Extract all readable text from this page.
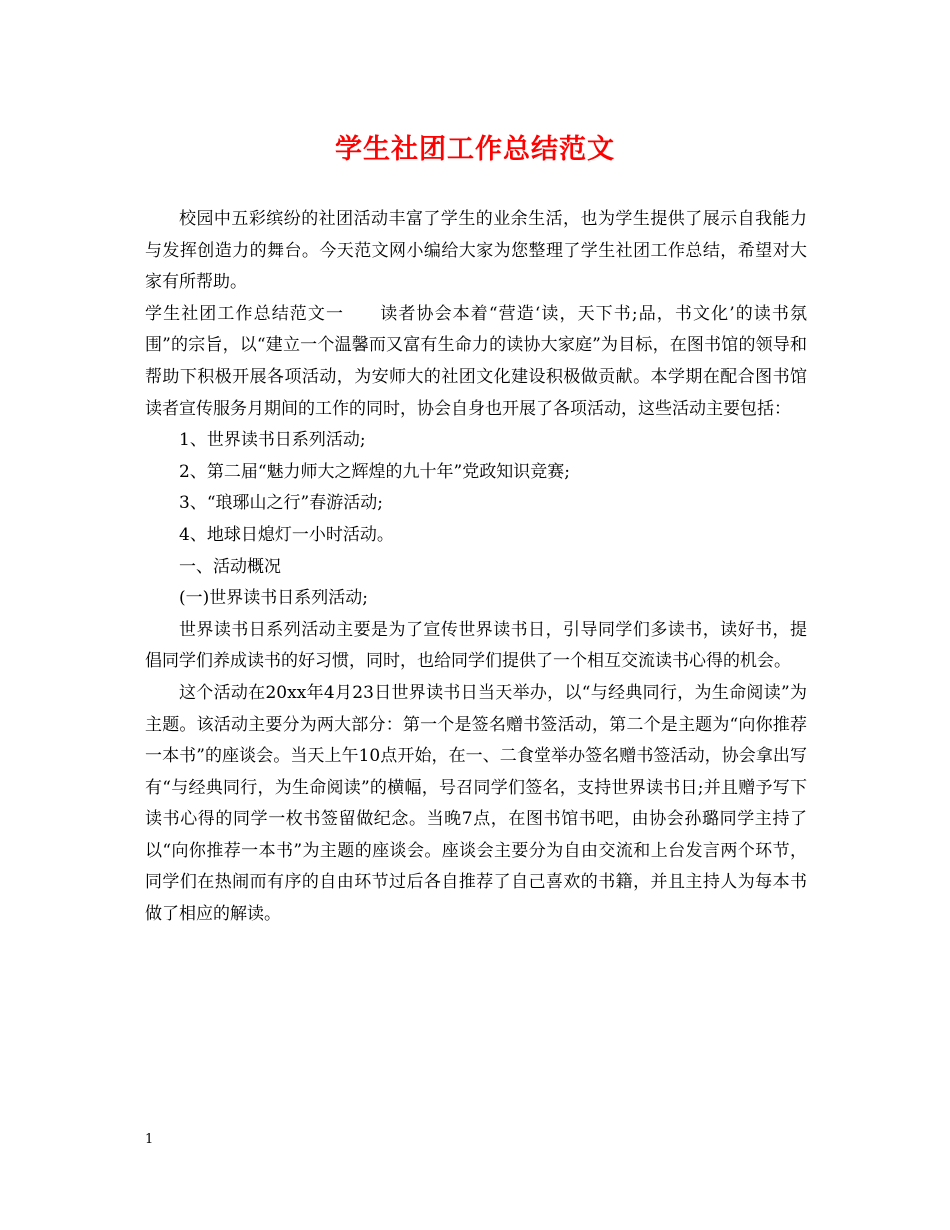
学生社团工作总结范文

校园中五彩缤纷的社团活动丰富了学生的业余生活，也为学生提供了展示自我能力与发挥创造力的舞台。今天范文网小编给大家为您整理了学生社团工作总结，希望对大家有所帮助。

学生社团工作总结范文一　　读者协会本着“营造‘读，天下书;品，书文化’的读书氛围”的宗旨，以“建立一个温馨而又富有生命力的读协大家庭”为目标，在图书馆的领导和帮助下积极开展各项活动，为安师大的社团文化建设积极做贡献。本学期在配合图书馆读者宣传服务月期间的工作的同时，协会自身也开展了各项活动，这些活动主要包括：

1、世界读书日系列活动;

2、第二届“魅力师大之辉煌的九十年”党政知识竞赛;

3、“琅琊山之行”春游活动;

4、地球日熄灯一小时活动。

一、活动概况

(一)世界读书日系列活动;

世界读书日系列活动主要是为了宣传世界读书日，引导同学们多读书，读好书，提倡同学们养成读书的好习惯，同时，也给同学们提供了一个相互交流读书心得的机会。

这个活动在20xx年4月23日世界读书日当天举办，以“与经典同行，为生命阅读”为主题。该活动主要分为两大部分：第一个是签名赠书签活动，第二个是主题为“向你推荐一本书”的座谈会。当天上午10点开始，在一、二食堂举办签名赠书签活动，协会拿出写有“与经典同行，为生命阅读”的横幅，号召同学们签名，支持世界读书日;并且赠予写下读书心得的同学一枚书签留做纪念。当晚7点，在图书馆书吧，由协会孙璐同学主持了以“向你推荐一本书”为主题的座谈会。座谈会主要分为自由交流和上台发言两个环节，同学们在热闹而有序的自由环节过后各自推荐了自己喜欢的书籍，并且主持人为每本书做了相应的解读。

1
